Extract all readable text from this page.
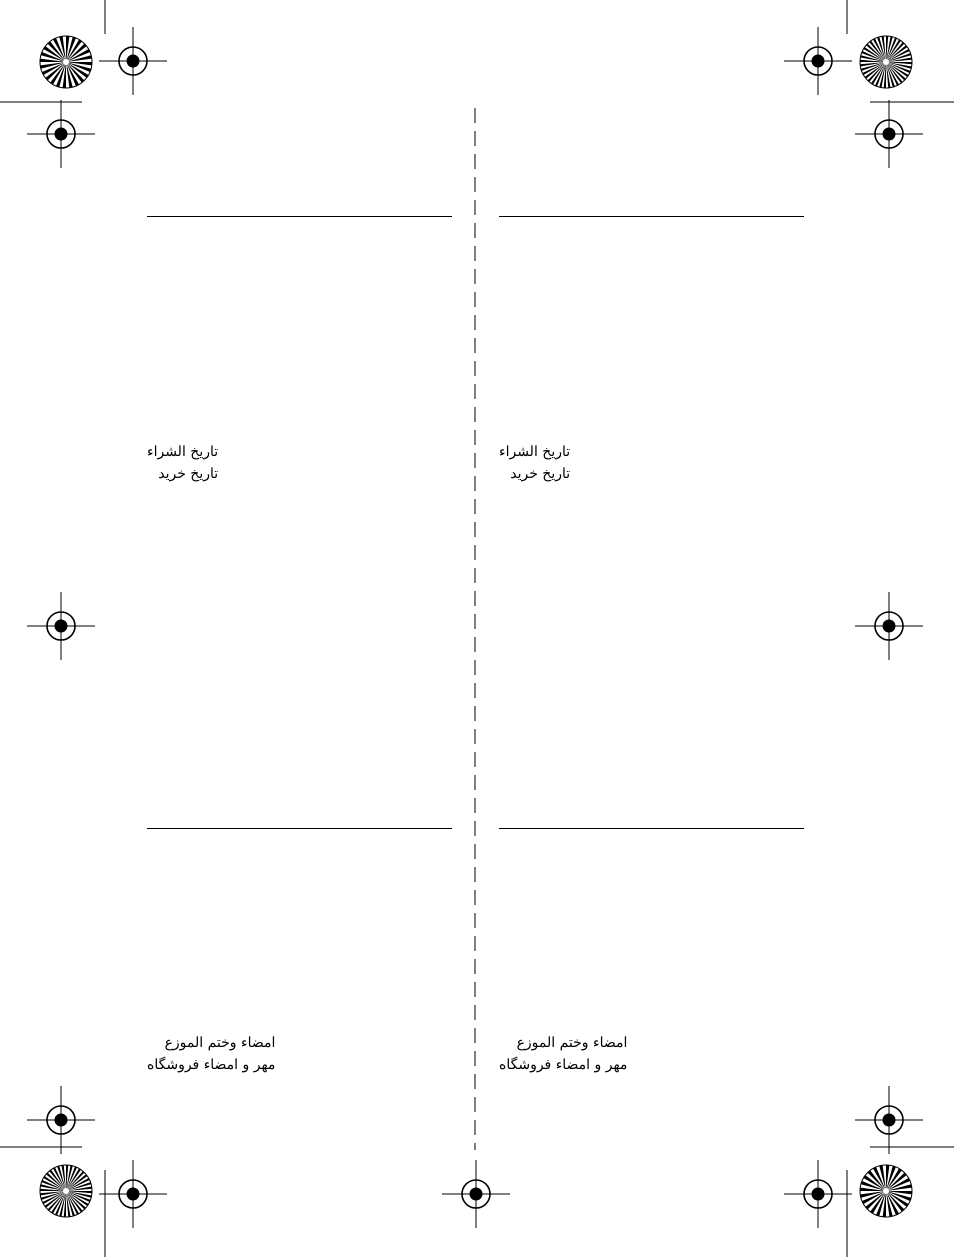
تاريخ الشراء
تاريخ خريد
تاريخ الشراء
تاريخ خريد
امضاء وختم الموزع
مهر و امضاء فروشگاه
امضاء وختم الموزع
مهر و امضاء فروشگاه
